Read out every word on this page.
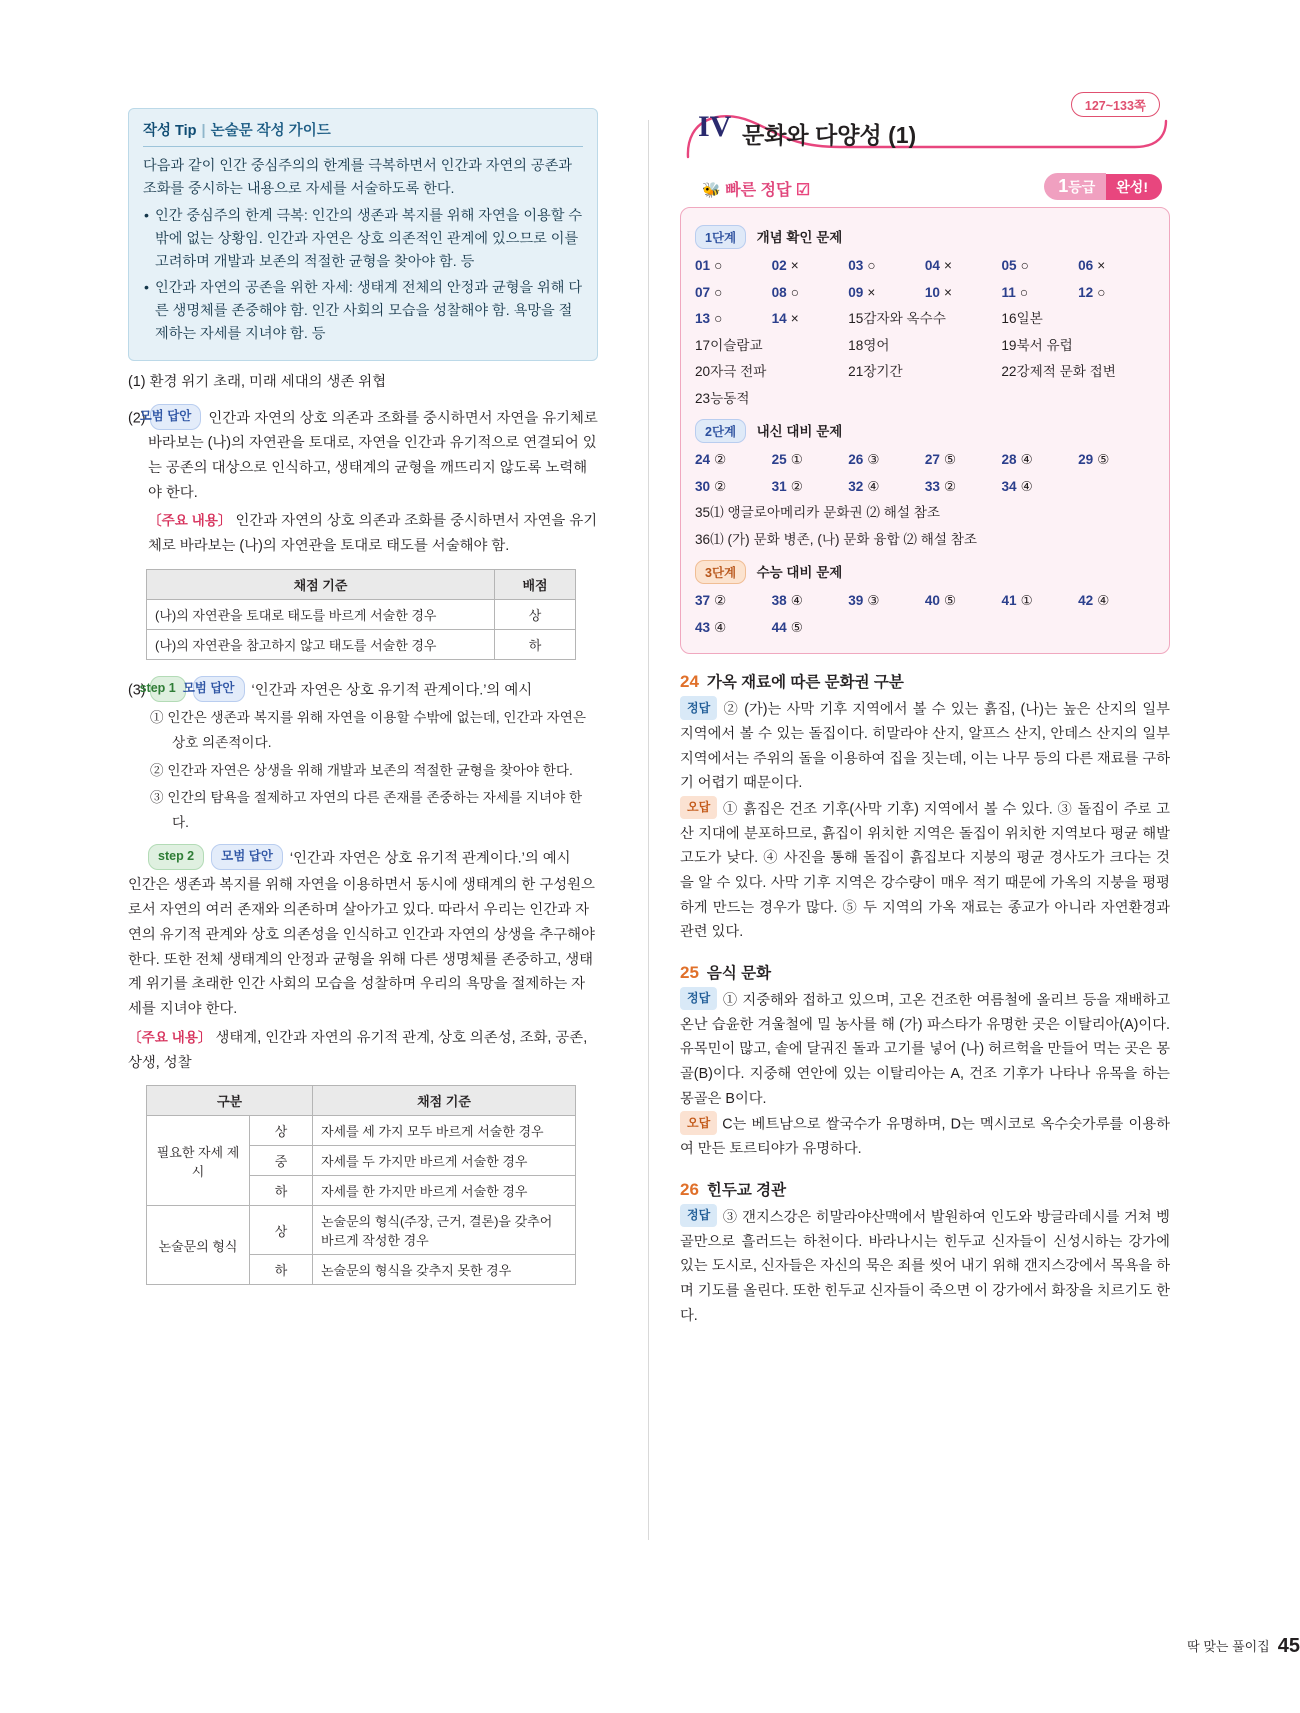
작성 Tip | 논술문 작성 가이드
다음과 같이 인간 중심주의의 한계를 극복하면서 인간과 자연의 공존과 조화를 중시하는 내용으로 자세를 서술하도록 한다.
• 인간 중심주의 한계 극복: 인간의 생존과 복지를 위해 자연을 이용할 수밖에 없는 상황임. 인간과 자연은 상호 의존적인 관계에 있으므로 이를 고려하며 개발과 보존의 적절한 균형을 찾아야 함. 등
• 인간과 자연의 공존을 위한 자세: 생태계 전체의 안정과 균형을 위해 다른 생명체를 존중해야 함. 인간 사회의 모습을 성찰해야 함. 욕망을 절제하는 자세를 지녀야 함. 등
(1) 환경 위기 초래, 미래 세대의 생존 위협
(2) 모범 답안 인간과 자연의 상호 의존과 조화를 중시하면서 자연을 유기체로 바라보는 (나)의 자연관을 토대로, 자연을 인간과 유기적으로 연결되어 있는 공존의 대상으로 인식하고, 생태계의 균형을 깨뜨리지 않도록 노력해야 한다.
〔주요 내용〕 인간과 자연의 상호 의존과 조화를 중시하면서 자연을 유기체로 바라보는 (나)의 자연관을 토대로 태도를 서술해야 함.
채점 기준	배점
(나)의 자연관을 토대로 태도를 바르게 서술한 경우	상
(나)의 자연관을 참고하지 않고 태도를 서술한 경우	하
(3) step 1 모범 답안 ‘인간과 자연은 상호 유기적 관계이다.’의 예시
① 인간은 생존과 복지를 위해 자연을 이용할 수밖에 없는데, 인간과 자연은 상호 의존적이다.
② 인간과 자연은 상생을 위해 개발과 보존의 적절한 균형을 찾아야 한다.
③ 인간의 탐욕을 절제하고 자연의 다른 존재를 존중하는 자세를 지녀야 한다.
step 2 모범 답안 ‘인간과 자연은 상호 유기적 관계이다.’의 예시
인간은 생존과 복지를 위해 자연을 이용하면서 동시에 생태계의 한 구성원으로서 자연의 여러 존재와 의존하며 살아가고 있다. 따라서 우리는 인간과 자연의 유기적 관계와 상호 의존성을 인식하고 인간과 자연의 상생을 추구해야 한다. 또한 전체 생태계의 안정과 균형을 위해 다른 생명체를 존중하고, 생태계 위기를 초래한 인간 사회의 모습을 성찰하며 우리의 욕망을 절제하는 자세를 지녀야 한다.
〔주요 내용〕 생태계, 인간과 자연의 유기적 관계, 상호 의존성, 조화, 공존, 상생, 성찰
구분		채점 기준
필요한 자세 제시	상	자세를 세 가지 모두 바르게 서술한 경우
	중	자세를 두 가지만 바르게 서술한 경우
	하	자세를 한 가지만 바르게 서술한 경우
논술문의 형식	상	논술문의 형식(주장, 근거, 결론)을 갖추어 바르게 작성한 경우
	하	논술문의 형식을 갖추지 못한 경우
127~133쪽
IV 문화와 다양성 (1)
🐝 빠른 정답 ☑	1등급	완성!
1단계 개념 확인 문제
01 ○	02 ×	03 ○	04 ×	05 ○	06 ×
07 ○	08 ○	09 ×	10 ×	11 ○	12 ○
13 ○	14 ×	15감자와 옥수수	16일본
17이슬람교	18영어	19북서 유럽
20자극 전파	21장기간	22강제적 문화 접변
23능동적
2단계 내신 대비 문제
24 ②	25 ①	26 ③	27 ⑤	28 ④	29 ⑤
30 ②	31 ②	32 ④	33 ②	34 ④
35⑴ 앵글로아메리카 문화권 ⑵ 해설 참조
36⑴ (가) 문화 병존, (나) 문화 융합 ⑵ 해설 참조
3단계 수능 대비 문제
37 ②	38 ④	39 ③	40 ⑤	41 ①	42 ④
43 ④	44 ⑤
24 가옥 재료에 따른 문화권 구분
정답 ② (가)는 사막 기후 지역에서 볼 수 있는 흙집, (나)는 높은 산지의 일부 지역에서 볼 수 있는 돌집이다. 히말라야 산지, 알프스 산지, 안데스 산지의 일부 지역에서는 주위의 돌을 이용하여 집을 짓는데, 이는 나무 등의 다른 재료를 구하기 어렵기 때문이다.
오답 ① 흙집은 건조 기후(사막 기후) 지역에서 볼 수 있다. ③ 돌집이 주로 고산 지대에 분포하므로, 흙집이 위치한 지역은 돌집이 위치한 지역보다 평균 해발 고도가 낮다. ④ 사진을 통해 돌집이 흙집보다 지붕의 평균 경사도가 크다는 것을 알 수 있다. 사막 기후 지역은 강수량이 매우 적기 때문에 가옥의 지붕을 평평하게 만드는 경우가 많다. ⑤ 두 지역의 가옥 재료는 종교가 아니라 자연환경과 관련 있다.
25 음식 문화
정답 ① 지중해와 접하고 있으며, 고온 건조한 여름철에 올리브 등을 재배하고 온난 습윤한 겨울철에 밀 농사를 해 (가) 파스타가 유명한 곳은 이탈리아(A)이다. 유목민이 많고, 솥에 달궈진 돌과 고기를 넣어 (나) 허르헉을 만들어 먹는 곳은 몽골(B)이다. 지중해 연안에 있는 이탈리아는 A, 건조 기후가 나타나 유목을 하는 몽골은 B이다.
오답 C는 베트남으로 쌀국수가 유명하며, D는 멕시코로 옥수숫가루를 이용하여 만든 토르티야가 유명하다.
26 힌두교 경관
정답 ③ 갠지스강은 히말라야산맥에서 발원하여 인도와 방글라데시를 거쳐 벵골만으로 흘러드는 하천이다. 바라나시는 힌두교 신자들이 신성시하는 강가에 있는 도시로, 신자들은 자신의 묵은 죄를 씻어 내기 위해 갠지스강에서 목욕을 하며 기도를 올린다. 또한 힌두교 신자들이 죽으면 이 강가에서 화장을 치르기도 한다.
딱 맞는 풀이집 45
